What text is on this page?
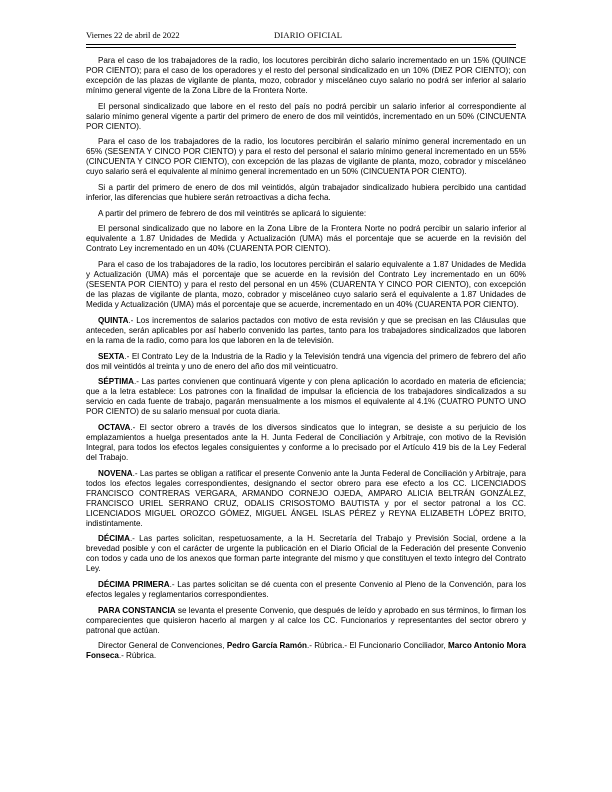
Viernes 22 de abril de 2022	DIARIO OFICIAL

Para el caso de los trabajadores de la radio, los locutores percibirán dicho salario incrementado en un 15% (QUINCE POR CIENTO); para el caso de los operadores y el resto del personal sindicalizado en un 10% (DIEZ POR CIENTO); con excepción de las plazas de vigilante de planta, mozo, cobrador y misceláneo cuyo salario no podrá ser inferior al salario mínimo general vigente de la Zona Libre de la Frontera Norte.

El personal sindicalizado que labore en el resto del país no podrá percibir un salario inferior al correspondiente al salario mínimo general vigente a partir del primero de enero de dos mil veintidós, incrementado en un 50% (CINCUENTA POR CIENTO).

Para el caso de los trabajadores de la radio, los locutores percibirán el salario mínimo general incrementado en un 65% (SESENTA Y CINCO POR CIENTO) y para el resto del personal el salario mínimo general incrementado en un 55% (CINCUENTA Y CINCO POR CIENTO), con excepción de las plazas de vigilante de planta, mozo, cobrador y misceláneo cuyo salario será el equivalente al mínimo general incrementado en un 50% (CINCUENTA POR CIENTO).

Si a partir del primero de enero de dos mil veintidós, algún trabajador sindicalizado hubiera percibido una cantidad inferior, las diferencias que hubiere serán retroactivas a dicha fecha.

A partir del primero de febrero de dos mil veintitrés se aplicará lo siguiente:

El personal sindicalizado que no labore en la Zona Libre de la Frontera Norte no podrá percibir un salario inferior al equivalente a 1.87 Unidades de Medida y Actualización (UMA) más el porcentaje que se acuerde en la revisión del Contrato Ley incrementado en un 40% (CUARENTA POR CIENTO).

Para el caso de los trabajadores de la radio, los locutores percibirán el salario equivalente a 1.87 Unidades de Medida y Actualización (UMA) más el porcentaje que se acuerde en la revisión del Contrato Ley incrementado en un 60% (SESENTA POR CIENTO) y para el resto del personal en un 45% (CUARENTA Y CINCO POR CIENTO), con excepción de las plazas de vigilante de planta, mozo, cobrador y misceláneo cuyo salario será el equivalente a 1.87 Unidades de Medida y Actualización (UMA) más el porcentaje que se acuerde, incrementado en un 40% (CUARENTA POR CIENTO).

QUINTA.- Los incrementos de salarios pactados con motivo de esta revisión y que se precisan en las Cláusulas que anteceden, serán aplicables por así haberlo convenido las partes, tanto para los trabajadores sindicalizados que laboren en la rama de la radio, como para los que laboren en la de televisión.

SEXTA.- El Contrato Ley de la Industria de la Radio y la Televisión tendrá una vigencia del primero de febrero del año dos mil veintidós al treinta y uno de enero del año dos mil veinticuatro.

SÉPTIMA.- Las partes convienen que continuará vigente y con plena aplicación lo acordado en materia de eficiencia; que a la letra establece: Los patrones con la finalidad de impulsar la eficiencia de los trabajadores sindicalizados a su servicio en cada fuente de trabajo, pagarán mensualmente a los mismos el equivalente al 4.1% (CUATRO PUNTO UNO POR CIENTO) de su salario mensual por cuota diaria.

OCTAVA.- El sector obrero a través de los diversos sindicatos que lo integran, se desiste a su perjuicio de los emplazamientos a huelga presentados ante la H. Junta Federal de Conciliación y Arbitraje, con motivo de la Revisión Integral, para todos los efectos legales consiguientes y conforme a lo precisado por el Artículo 419 bis de la Ley Federal del Trabajo.

NOVENA.- Las partes se obligan a ratificar el presente Convenio ante la Junta Federal de Conciliación y Arbitraje, para todos los efectos legales correspondientes, designando el sector obrero para ese efecto a los CC. LICENCIADOS FRANCISCO CONTRERAS VERGARA, ARMANDO CORNEJO OJEDA, AMPARO ALICIA BELTRÁN GONZÁLEZ, FRANCISCO URIEL SERRANO CRUZ, ODALIS CRISOSTOMO BAUTISTA y por el sector patronal a los CC. LICENCIADOS MIGUEL OROZCO GÓMEZ, MIGUEL ÁNGEL ISLAS PÉREZ y REYNA ELIZABETH LÓPEZ BRITO, indistintamente.

DÉCIMA.- Las partes solicitan, respetuosamente, a la H. Secretaría del Trabajo y Previsión Social, ordene a la brevedad posible y con el carácter de urgente la publicación en el Diario Oficial de la Federación del presente Convenio con todos y cada uno de los anexos que forman parte integrante del mismo y que constituyen el texto íntegro del Contrato Ley.

DÉCIMA PRIMERA.- Las partes solicitan se dé cuenta con el presente Convenio al Pleno de la Convención, para los efectos legales y reglamentarios correspondientes.

PARA CONSTANCIA se levanta el presente Convenio, que después de leído y aprobado en sus términos, lo firman los comparecientes que quisieron hacerlo al margen y al calce los CC. Funcionarios y representantes del sector obrero y patronal que actúan.

Director General de Convenciones, Pedro García Ramón.- Rúbrica.- El Funcionario Conciliador, Marco Antonio Mora Fonseca.- Rúbrica.
